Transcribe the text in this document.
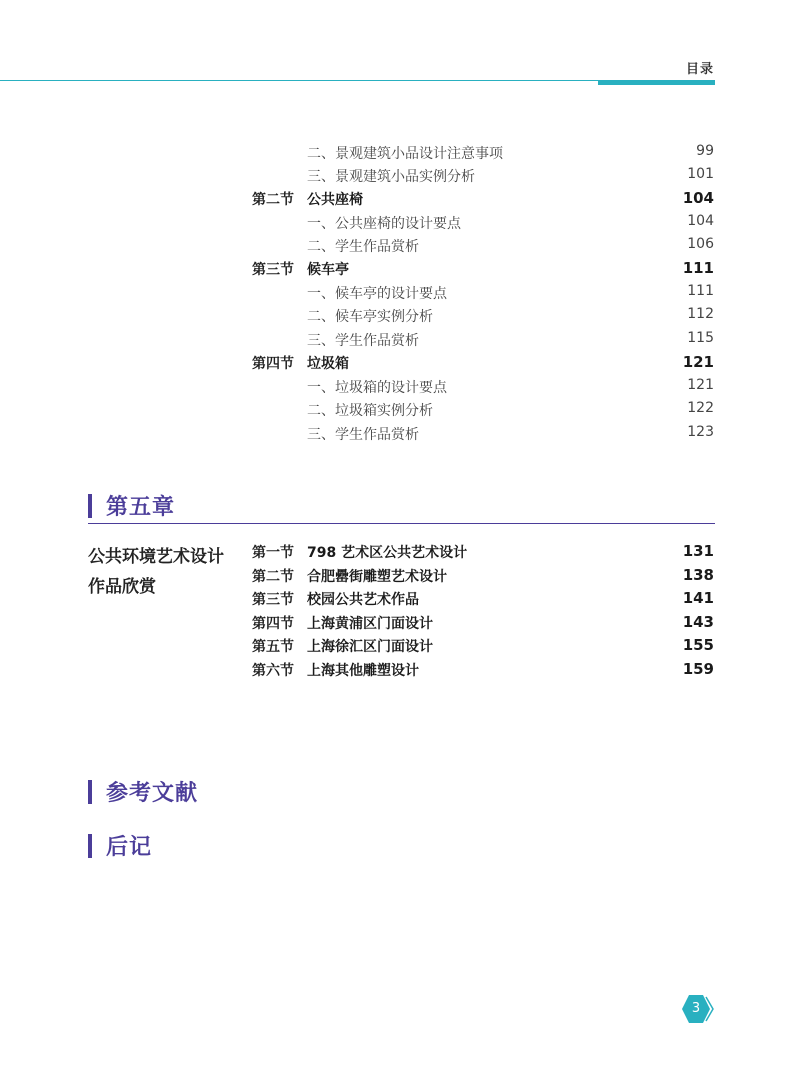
目录
二、景观建筑小品设计注意事项	99
三、景观建筑小品实例分析	101
第二节 公共座椅	104
一、公共座椅的设计要点	104
二、学生作品赏析	106
第三节 候车亭	111
一、候车亭的设计要点	111
二、候车亭实例分析	112
三、学生作品赏析	115
第四节 垃圾箱	121
一、垃圾箱的设计要点	121
二、垃圾箱实例分析	122
三、学生作品赏析	123
第五章
公共环境艺术设计
作品欣赏
第一节 798 艺术区公共艺术设计	131
第二节 合肥罍街雕塑艺术设计	138
第三节 校园公共艺术作品	141
第四节 上海黄浦区门面设计	143
第五节 上海徐汇区门面设计	155
第六节 上海其他雕塑设计	159
参考文献
后记
3
